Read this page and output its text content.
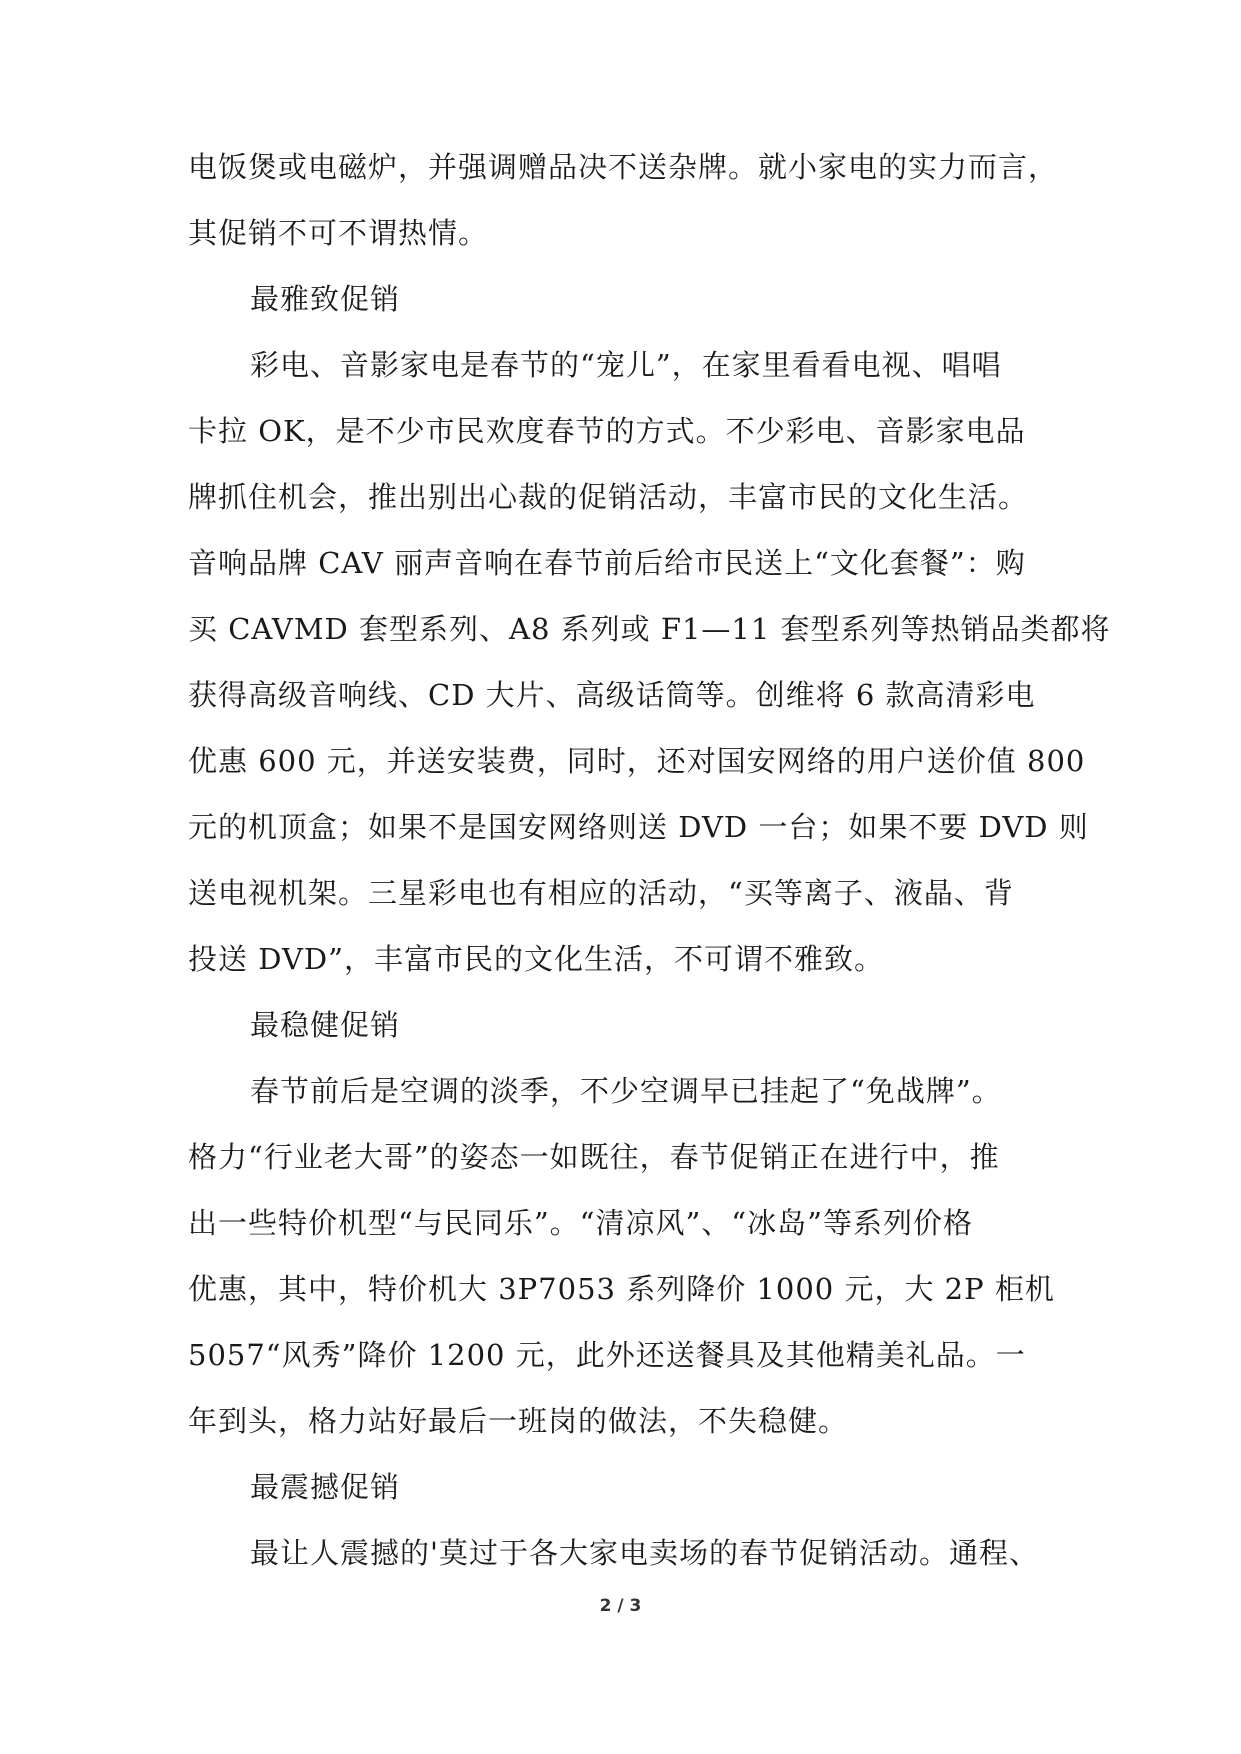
电饭煲或电磁炉，并强调赠品决不送杂牌。就小家电的实力而言，
其促销不可不谓热情。
最雅致促销
彩电、音影家电是春节的“宠儿”，在家里看看电视、唱唱
卡拉 OK，是不少市民欢度春节的方式。不少彩电、音影家电品
牌抓住机会，推出别出心裁的促销活动，丰富市民的文化生活。
音响品牌 CAV 丽声音响在春节前后给市民送上“文化套餐”：购
买 CAVMD 套型系列、A8 系列或 F1—11 套型系列等热销品类都将
获得高级音响线、CD 大片、高级话筒等。创维将 6 款高清彩电
优惠 600 元，并送安装费，同时，还对国安网络的用户送价值 800
元的机顶盒；如果不是国安网络则送 DVD 一台；如果不要 DVD 则
送电视机架。三星彩电也有相应的活动，“买等离子、液晶、背
投送 DVD”，丰富市民的文化生活，不可谓不雅致。
最稳健促销
春节前后是空调的淡季，不少空调早已挂起了“免战牌”。
格力“行业老大哥”的姿态一如既往，春节促销正在进行中，推
出一些特价机型“与民同乐”。“清凉风”、“冰岛”等系列价格
优惠，其中，特价机大 3P7053 系列降价 1000 元，大 2P 柜机
5057“风秀”降价 1200 元，此外还送餐具及其他精美礼品。一
年到头，格力站好最后一班岗的做法，不失稳健。
最震撼促销
最让人震撼的'莫过于各大家电卖场的春节促销活动。通程、
2 / 3
